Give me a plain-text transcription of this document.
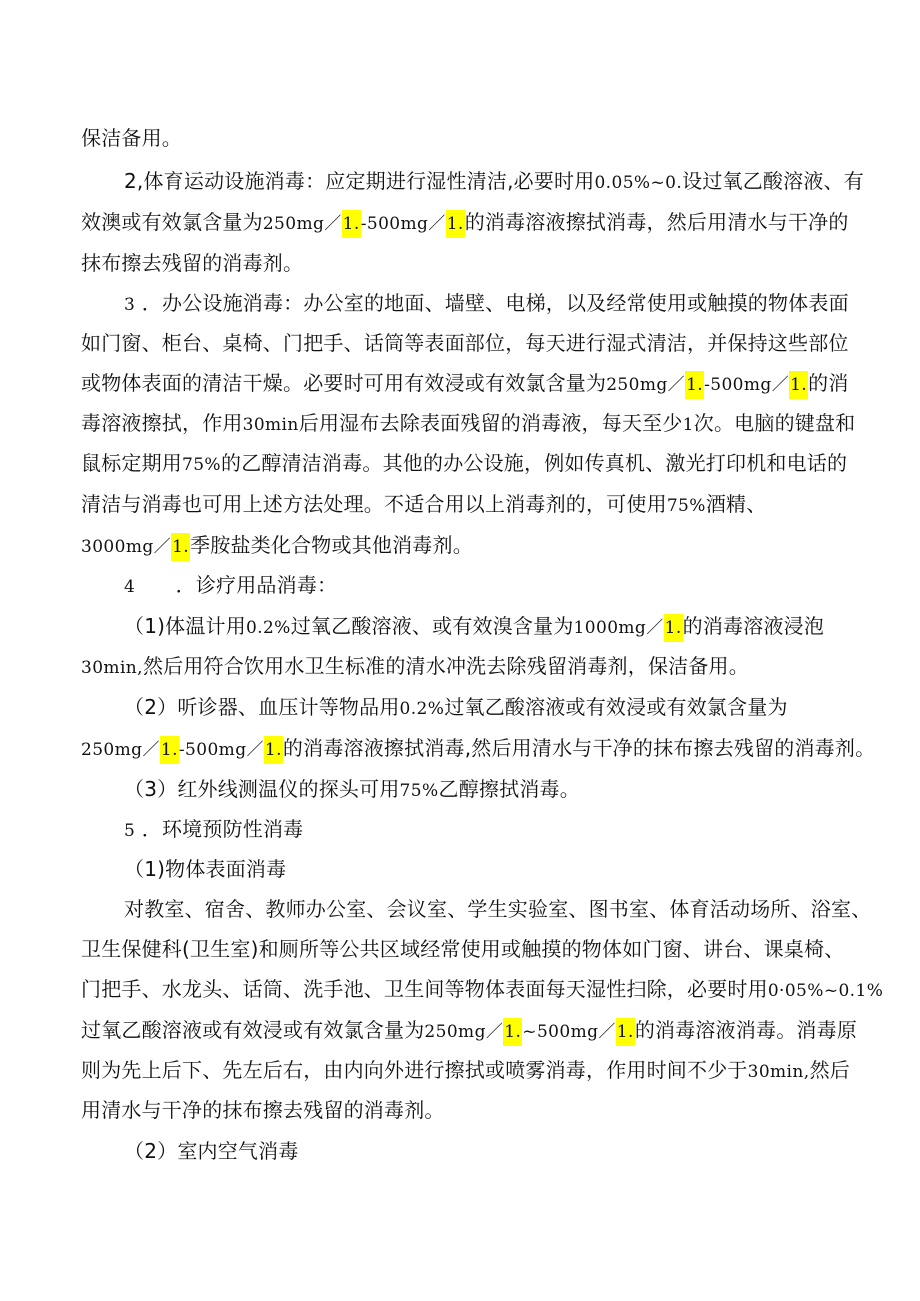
保洁备用。
2,体育运动设施消毒：应定期进行湿性清洁,必要时用0.05%~0.设过氧乙酸溶液、有
效澳或有效氯含量为250mg／1.-500mg／1.的消毒溶液擦拭消毒，然后用清水与干净的
抹布擦去残留的消毒剂。
3 ．办公设施消毒：办公室的地面、墙壁、电梯，以及经常使用或触摸的物体表面
如门窗、柜台、桌椅、门把手、话筒等表面部位，每天进行湿式清洁，并保持这些部位
或物体表面的清洁干燥。必要时可用有效浸或有效氯含量为250mg／1.-500mg／1.的消
毒溶液擦拭，作用30min后用湿布去除表面残留的消毒液，每天至少1次。电脑的键盘和
鼠标定期用75%的乙醇清洁消毒。其他的办公设施，例如传真机、激光打印机和电话的
清洁与消毒也可用上述方法处理。不适合用以上消毒剂的，可使用75%酒精、
3000mg／1.季胺盐类化合物或其他消毒剂。
4　　．诊疗用品消毒：
（1)体温计用0.2%过氧乙酸溶液、或有效溴含量为1000mg／1.的消毒溶液浸泡
30min,然后用符合饮用水卫生标准的清水冲洗去除残留消毒剂，保洁备用。
（2）听诊器、血压计等物品用0.2%过氧乙酸溶液或有效浸或有效氯含量为
250mg／1.-500mg／1.的消毒溶液擦拭消毒,然后用清水与干净的抹布擦去残留的消毒剂。
（3）红外线测温仪的探头可用75%乙醇擦拭消毒。
5 ．环境预防性消毒
（1)物体表面消毒
对教室、宿舍、教师办公室、会议室、学生实验室、图书室、体育活动场所、浴室、
卫生保健科(卫生室)和厕所等公共区域经常使用或触摸的物体如门窗、讲台、课桌椅、
门把手、水龙头、话筒、洗手池、卫生间等物体表面每天湿性扫除，必要时用0·05%~0.1%
过氧乙酸溶液或有效浸或有效氯含量为250mg／1.~500mg／1.的消毒溶液消毒。消毒原
则为先上后下、先左后右，由内向外进行擦拭或喷雾消毒，作用时间不少于30min,然后
用清水与干净的抹布擦去残留的消毒剂。
（2）室内空气消毒
